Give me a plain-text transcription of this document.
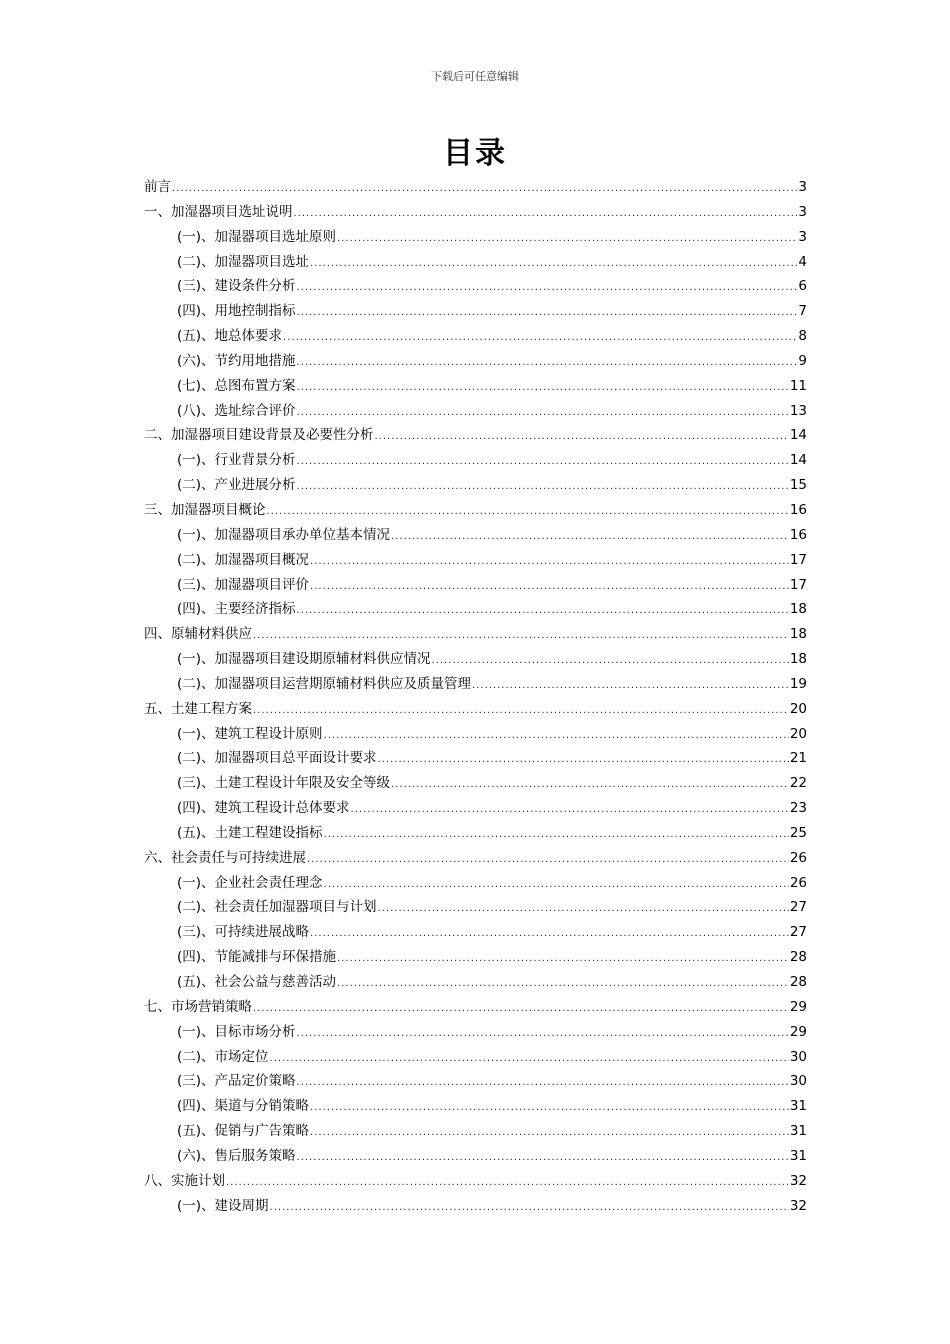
下载后可任意编辑
目录
前言 .....	3
一、加湿器项目选址说明 .....	3
(一)、加湿器项目选址原则 .....	3
(二)、加湿器项目选址 .....	4
(三)、建设条件分析 .....	6
(四)、用地控制指标 .....	7
(五)、地总体要求 .....	8
(六)、节约用地措施 .....	9
(七)、总图布置方案 .....	11
(八)、选址综合评价 .....	13
二、加湿器项目建设背景及必要性分析 .....	14
(一)、行业背景分析 .....	14
(二)、产业进展分析 .....	15
三、加湿器项目概论 .....	16
(一)、加湿器项目承办单位基本情况 .....	16
(二)、加湿器项目概况 .....	17
(三)、加湿器项目评价 .....	17
(四)、主要经济指标 .....	18
四、原辅材料供应 .....	18
(一)、加湿器项目建设期原辅材料供应情况 .....	18
(二)、加湿器项目运营期原辅材料供应及质量管理 .....	19
五、土建工程方案 .....	20
(一)、建筑工程设计原则 .....	20
(二)、加湿器项目总平面设计要求 .....	21
(三)、土建工程设计年限及安全等级 .....	22
(四)、建筑工程设计总体要求 .....	23
(五)、土建工程建设指标 .....	25
六、社会责任与可持续进展 .....	26
(一)、企业社会责任理念 .....	26
(二)、社会责任加湿器项目与计划 .....	27
(三)、可持续进展战略 .....	27
(四)、节能减排与环保措施 .....	28
(五)、社会公益与慈善活动 .....	28
七、市场营销策略 .....	29
(一)、目标市场分析 .....	29
(二)、市场定位 .....	30
(三)、产品定价策略 .....	30
(四)、渠道与分销策略 .....	31
(五)、促销与广告策略 .....	31
(六)、售后服务策略 .....	31
八、实施计划 .....	32
(一)、建设周期 .....	32
